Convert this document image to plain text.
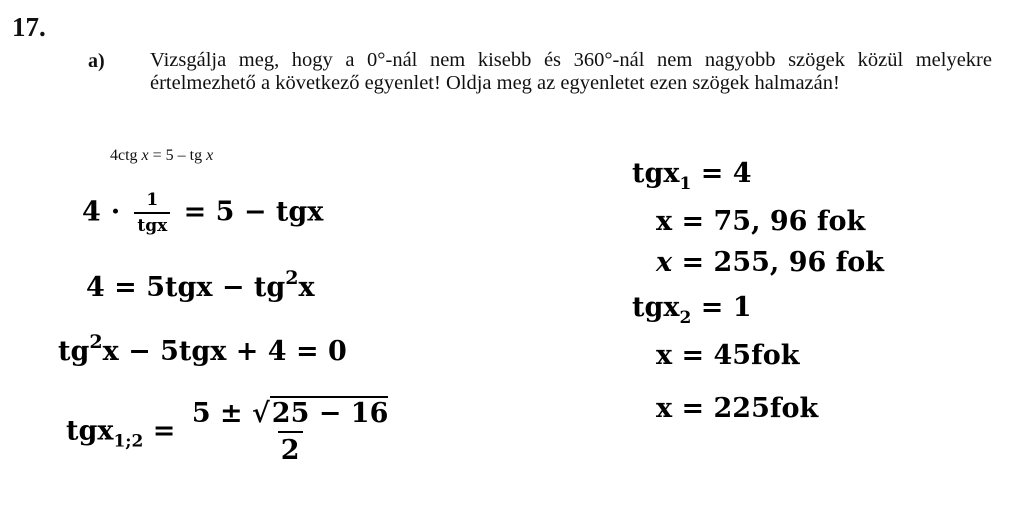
17.
a) Vizsgálja meg, hogy a 0°-nál nem kisebb és 360°-nál nem nagyobb szögek közül melyekre értelmezhető a következő egyenlet! Oldja meg az egyenletet ezen szögek halmazán!
4ctg x = 5 – tg x
$4 \cdot \frac{1}{\text{tgx}} = 5$ − tgx
$4 = 5tgx - tg^2x$
$tg^2x - 5tgx + 4 = 0$
$tgx_{1;2} = \frac{5 \pm √25 - 16}{2}$
tgx$_1$ = 4
x = 75, 96 fok
x = 255, 96 fok
tgx$_2$ = 1
x = 45fok
x = 225fok
